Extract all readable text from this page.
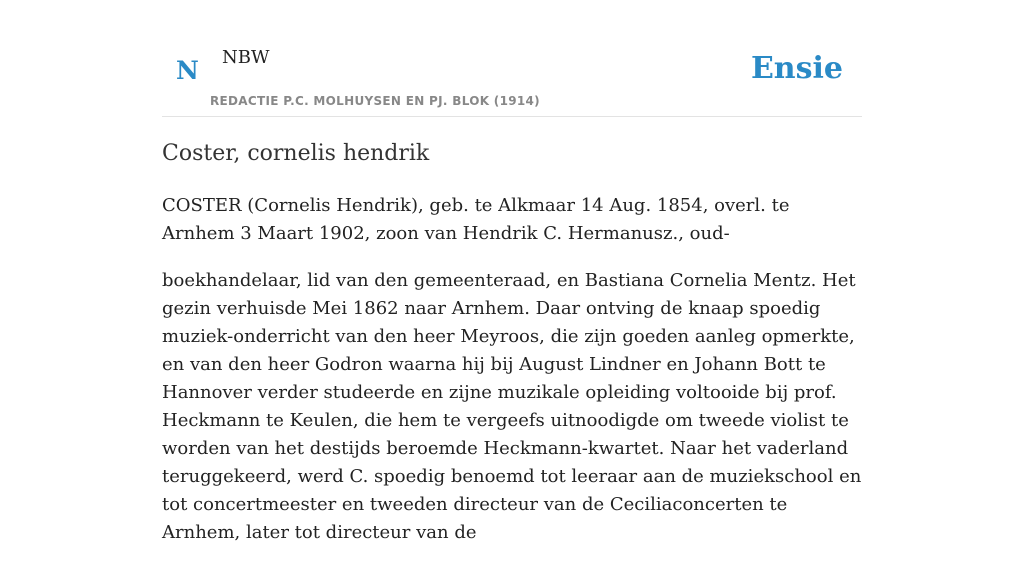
N NBW
REDACTIE P.C. MOLHUYSEN EN PJ. BLOK (1914)
Ensie
Coster, cornelis hendrik

COSTER (Cornelis Hendrik), geb. te Alkmaar 14 Aug. 1854, overl. te Arnhem 3 Maart 1902, zoon van Hendrik C. Hermanusz., oud-

boekhandelaar, lid van den gemeenteraad, en Bastiana Cornelia Mentz. Het gezin verhuisde Mei 1862 naar Arnhem. Daar ontving de knaap spoedig muziek-onderricht van den heer Meyroos, die zijn goeden aanleg opmerkte, en van den heer Godron waarna hij bij August Lindner en Johann Bott te Hannover verder studeerde en zijne muzikale opleiding voltooide bij prof. Heckmann te Keulen, die hem te vergeefs uitnoodigde om tweede violist te worden van het destijds beroemde Heckmann-kwartet. Naar het vaderland teruggekeerd, werd C. spoedig benoemd tot leeraar aan de muziekschool en tot concertmeester en tweeden directeur van de Ceciliaconcerten te Arnhem, later tot directeur van de
